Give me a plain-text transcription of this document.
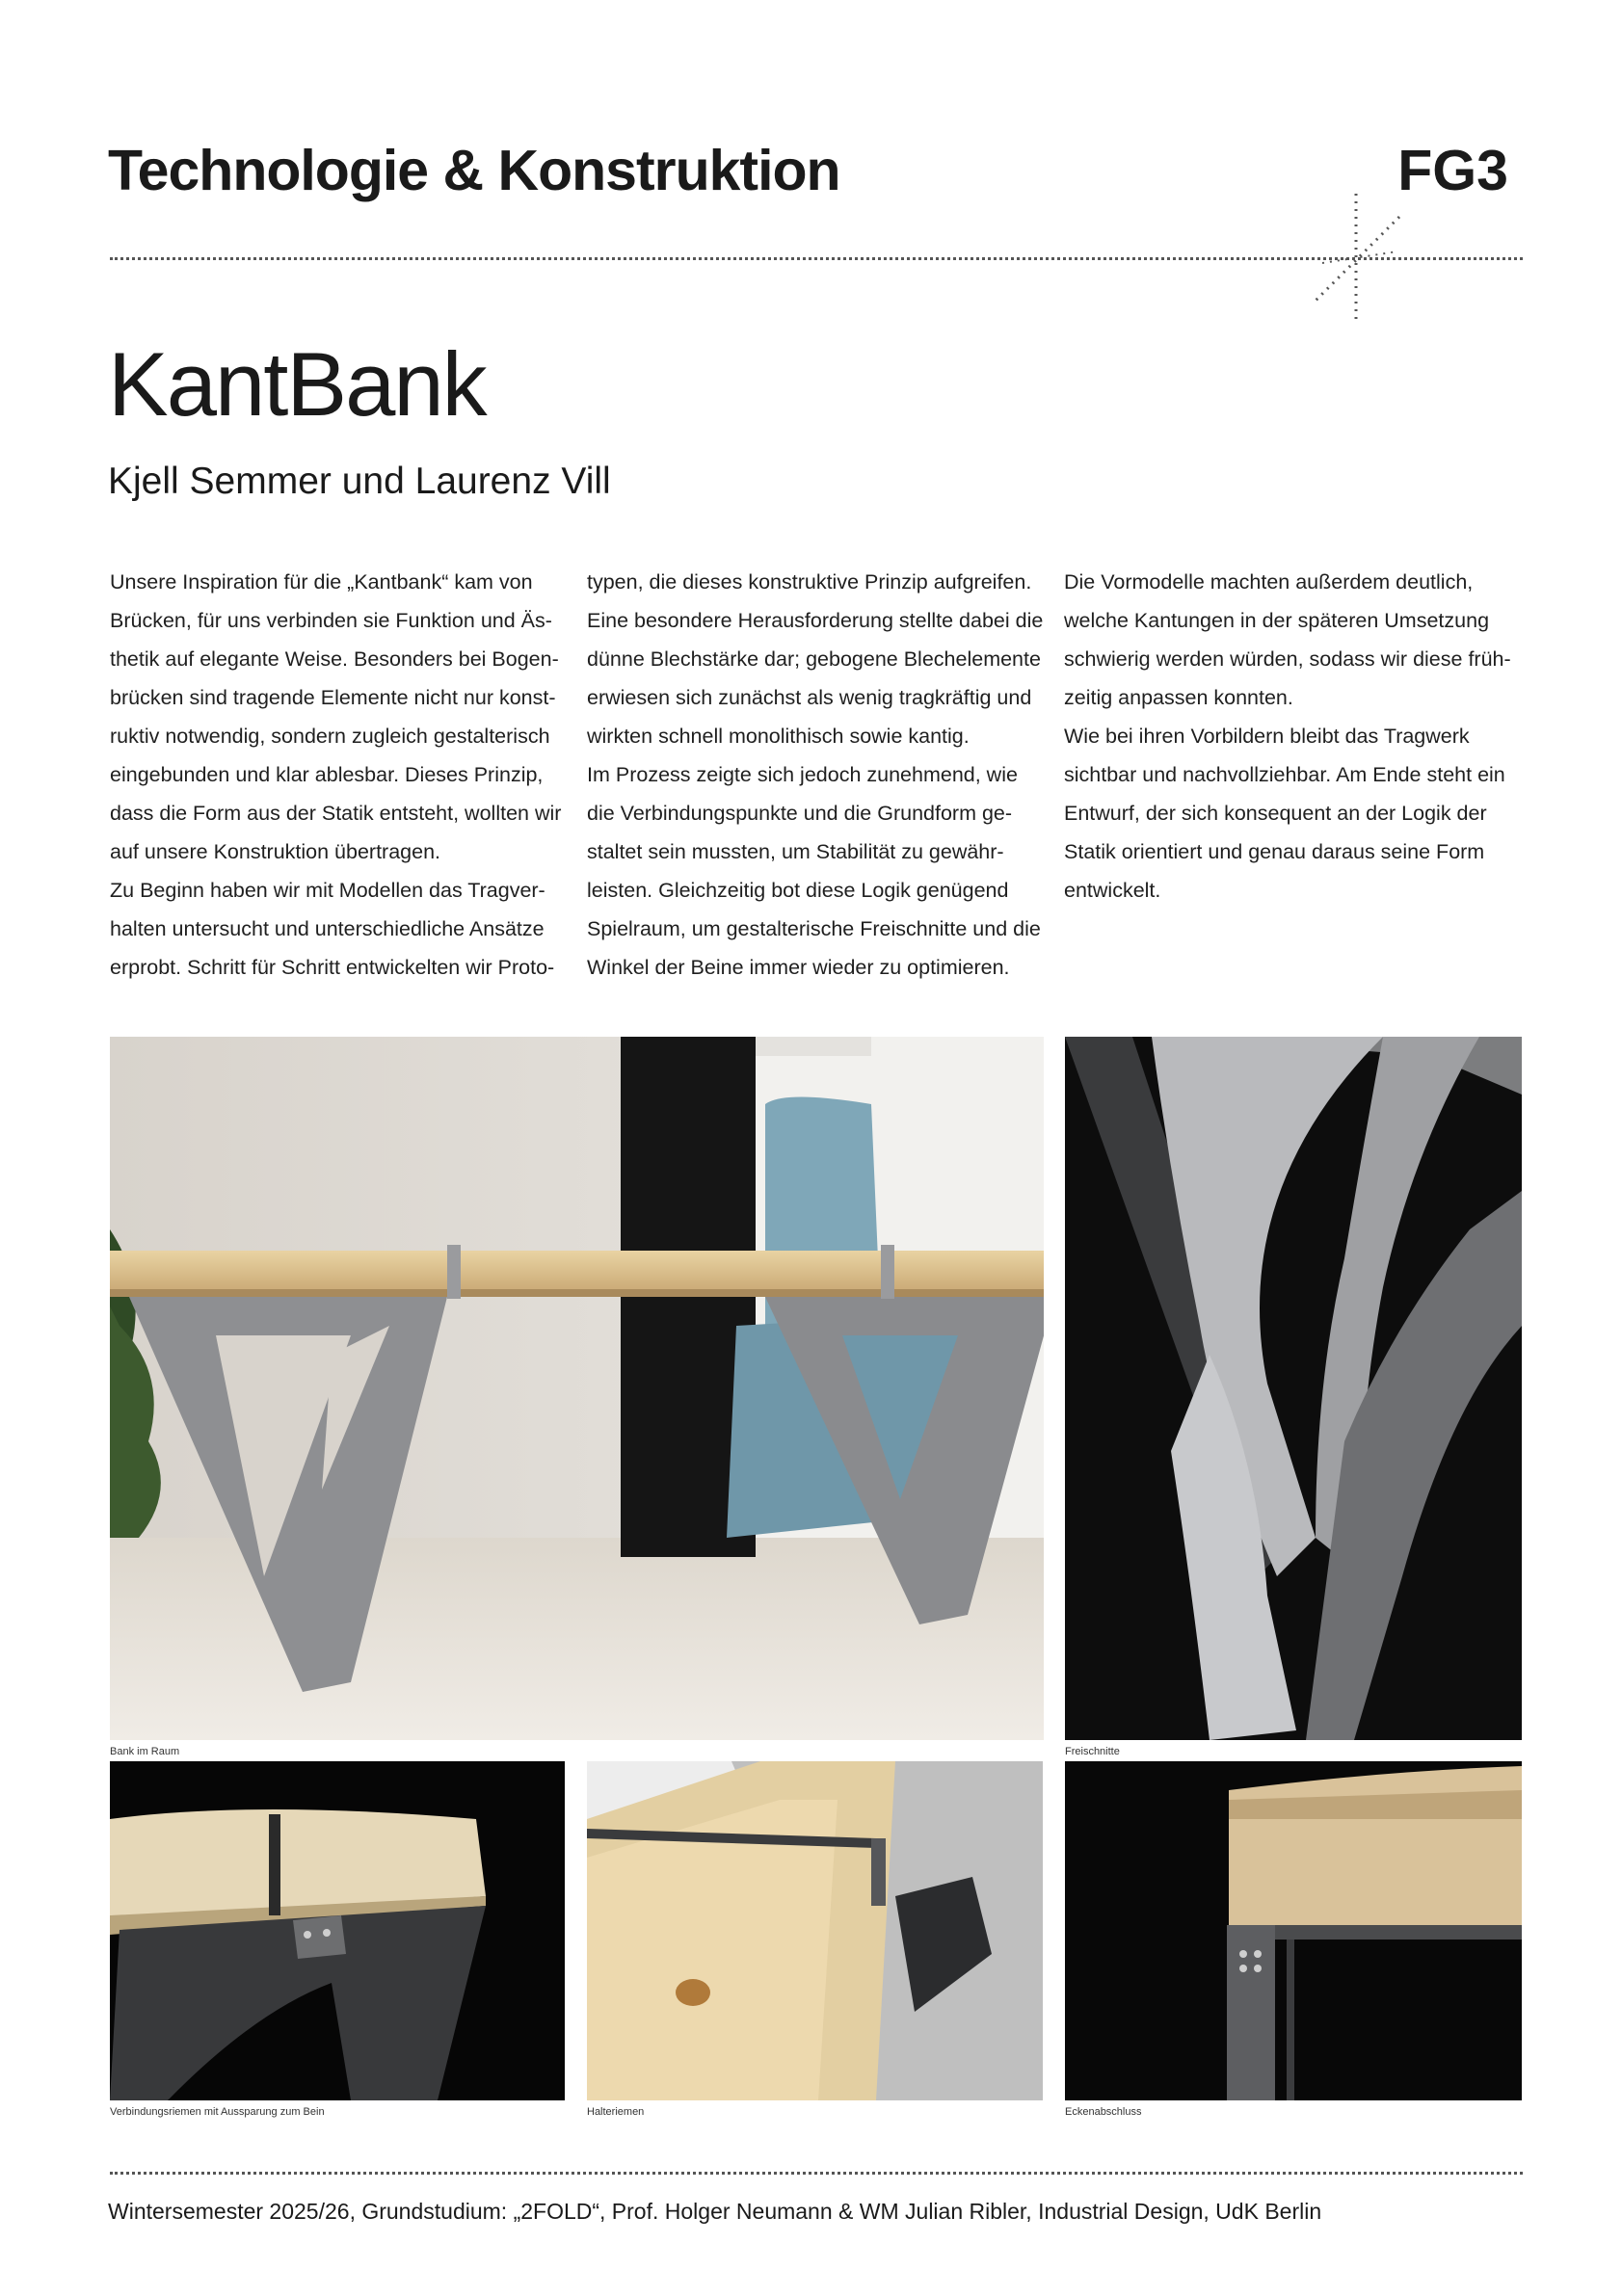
Technologie & Konstruktion	FG3
KantBank
Kjell Semmer und Laurenz Vill

Unsere Inspiration für die „Kantbank“ kam von

Brücken, für uns verbinden sie Funktion und Äs-

thetik auf elegante Weise. Besonders bei Bogen-

brücken sind tragende Elemente nicht nur konst-

ruktiv notwendig, sondern zugleich gestalterisch

eingebunden und klar ablesbar. Dieses Prinzip,

dass die Form aus der Statik entsteht, wollten wir

auf unsere Konstruktion übertragen.

Zu Beginn haben wir mit Modellen das Tragver-

halten untersucht und unterschiedliche Ansätze

erprobt. Schritt für Schritt entwickelten wir Proto-

typen, die dieses konstruktive Prinzip aufgreifen.

Eine besondere Herausforderung stellte dabei die

dünne Blechstärke dar; gebogene Blechelemente

erwiesen sich zunächst als wenig tragkräftig und

wirkten schnell monolithisch sowie kantig.

Im Prozess zeigte sich jedoch zunehmend, wie

die Verbindungspunkte und die Grundform ge-

staltet sein mussten, um Stabilität zu gewähr-

leisten. Gleichzeitig bot diese Logik genügend

Spielraum, um gestalterische Freischnitte und die

Winkel der Beine immer wieder zu optimieren.

Die Vormodelle machten außerdem deutlich,

welche Kantungen in der späteren Umsetzung

schwierig werden würden, sodass wir diese früh-

zeitig anpassen konnten.

Wie bei ihren Vorbildern bleibt das Tragwerk

sichtbar und nachvollziehbar. Am Ende steht ein

Entwurf, der sich konsequent an der Logik der

Statik orientiert und genau daraus seine Form

entwickelt.

Bank im Raum	Freischnitte
Verbindungsriemen mit Aussparung zum Bein	Halteriemen	Eckenabschluss
Wintersemester 2025/26, Grundstudium: „2FOLD“, Prof. Holger Neumann & WM Julian Ribler, Industrial Design, UdK Berlin
